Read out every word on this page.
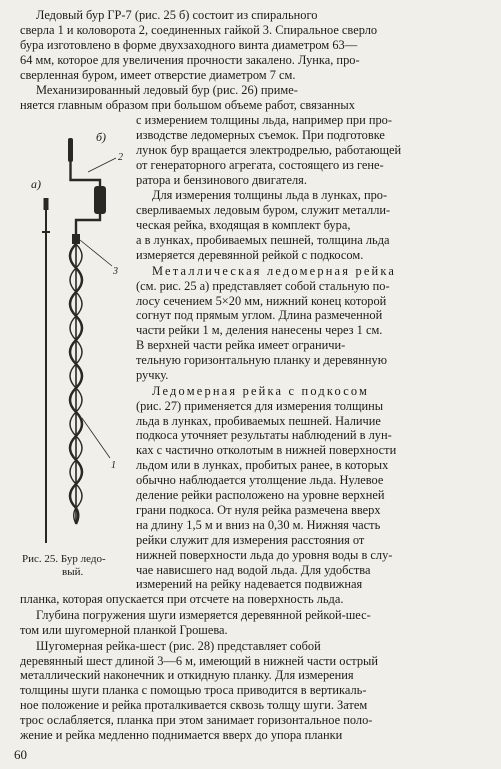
б)
а)
2
3
1
Рис. 25. Бур ледо-
вый.
Ледовый бур ГР-7 (рис. 25 б) состоит из спирального
сверла 1 и коловорота 2, соединенных гайкой 3. Спиральное сверло
бура изготовлено в форме двухзаходного винта диаметром 63—
64 мм, которое для увеличения прочности закалено. Лунка, про-
сверленная буром, имеет отверстие диаметром 7 см.
Механизированный ледовый бур (рис. 26) приме-
няется главным образом при большом объеме работ, связанных
с измерением толщины льда, например при про-
изводстве ледомерных съемок. При подготовке
лунок бур вращается электродрелью, работающей
от генераторного агрегата, состоящего из гене-
ратора и бензинового двигателя.
Для измерения толщины льда в лунках, про-
сверливаемых ледовым буром, служит металли-
ческая рейка, входящая в комплект бура,
а в лунках, пробиваемых пешней, толщина льда
измеряется деревянной рейкой с подкосом.
Металлическая ледомерная рейка
(см. рис. 25 а) представляет собой стальную по-
лосу сечением 5×20 мм, нижний конец которой
согнут под прямым углом. Длина размеченной
части рейки 1 м, деления нанесены через 1 см.
В верхней части рейка имеет ограничи-
тельную горизонтальную планку и деревянную
ручку.
Ледомерная рейка с подкосом
(рис. 27) применяется для измерения толщины
льда в лунках, пробиваемых пешней. Наличие
подкоса уточняет результаты наблюдений в лун-
ках с частично отколотым в нижней поверхности
льдом или в лунках, пробитых ранее, в которых
обычно наблюдается утолщение льда. Нулевое
деление рейки расположено на уровне верхней
грани подкоса. От нуля рейка размечена вверх
на длину 1,5 м и вниз на 0,30 м. Нижняя часть
рейки служит для измерения расстояния от
нижней поверхности льда до уровня воды в слу-
чае нависшего над водой льда. Для удобства
измерений на рейку надевается подвижная
планка, которая опускается при отсчете на поверхность льда.
Глубина погружения шуги измеряется деревянной рейкой-шес-
том или шугомерной планкой Грошева.
Шугомерная рейка-шест (рис. 28) представляет собой
деревянный шест длиной 3—6 м, имеющий в нижней части острый
металлический наконечник и откидную планку. Для измерения
толщины шуги планка с помощью троса приводится в вертикаль-
ное положение и рейка проталкивается сквозь толщу шуги. Затем
трос ослабляется, планка при этом занимает горизонтальное поло-
жение и рейка медленно поднимается вверх до упора планки
60
